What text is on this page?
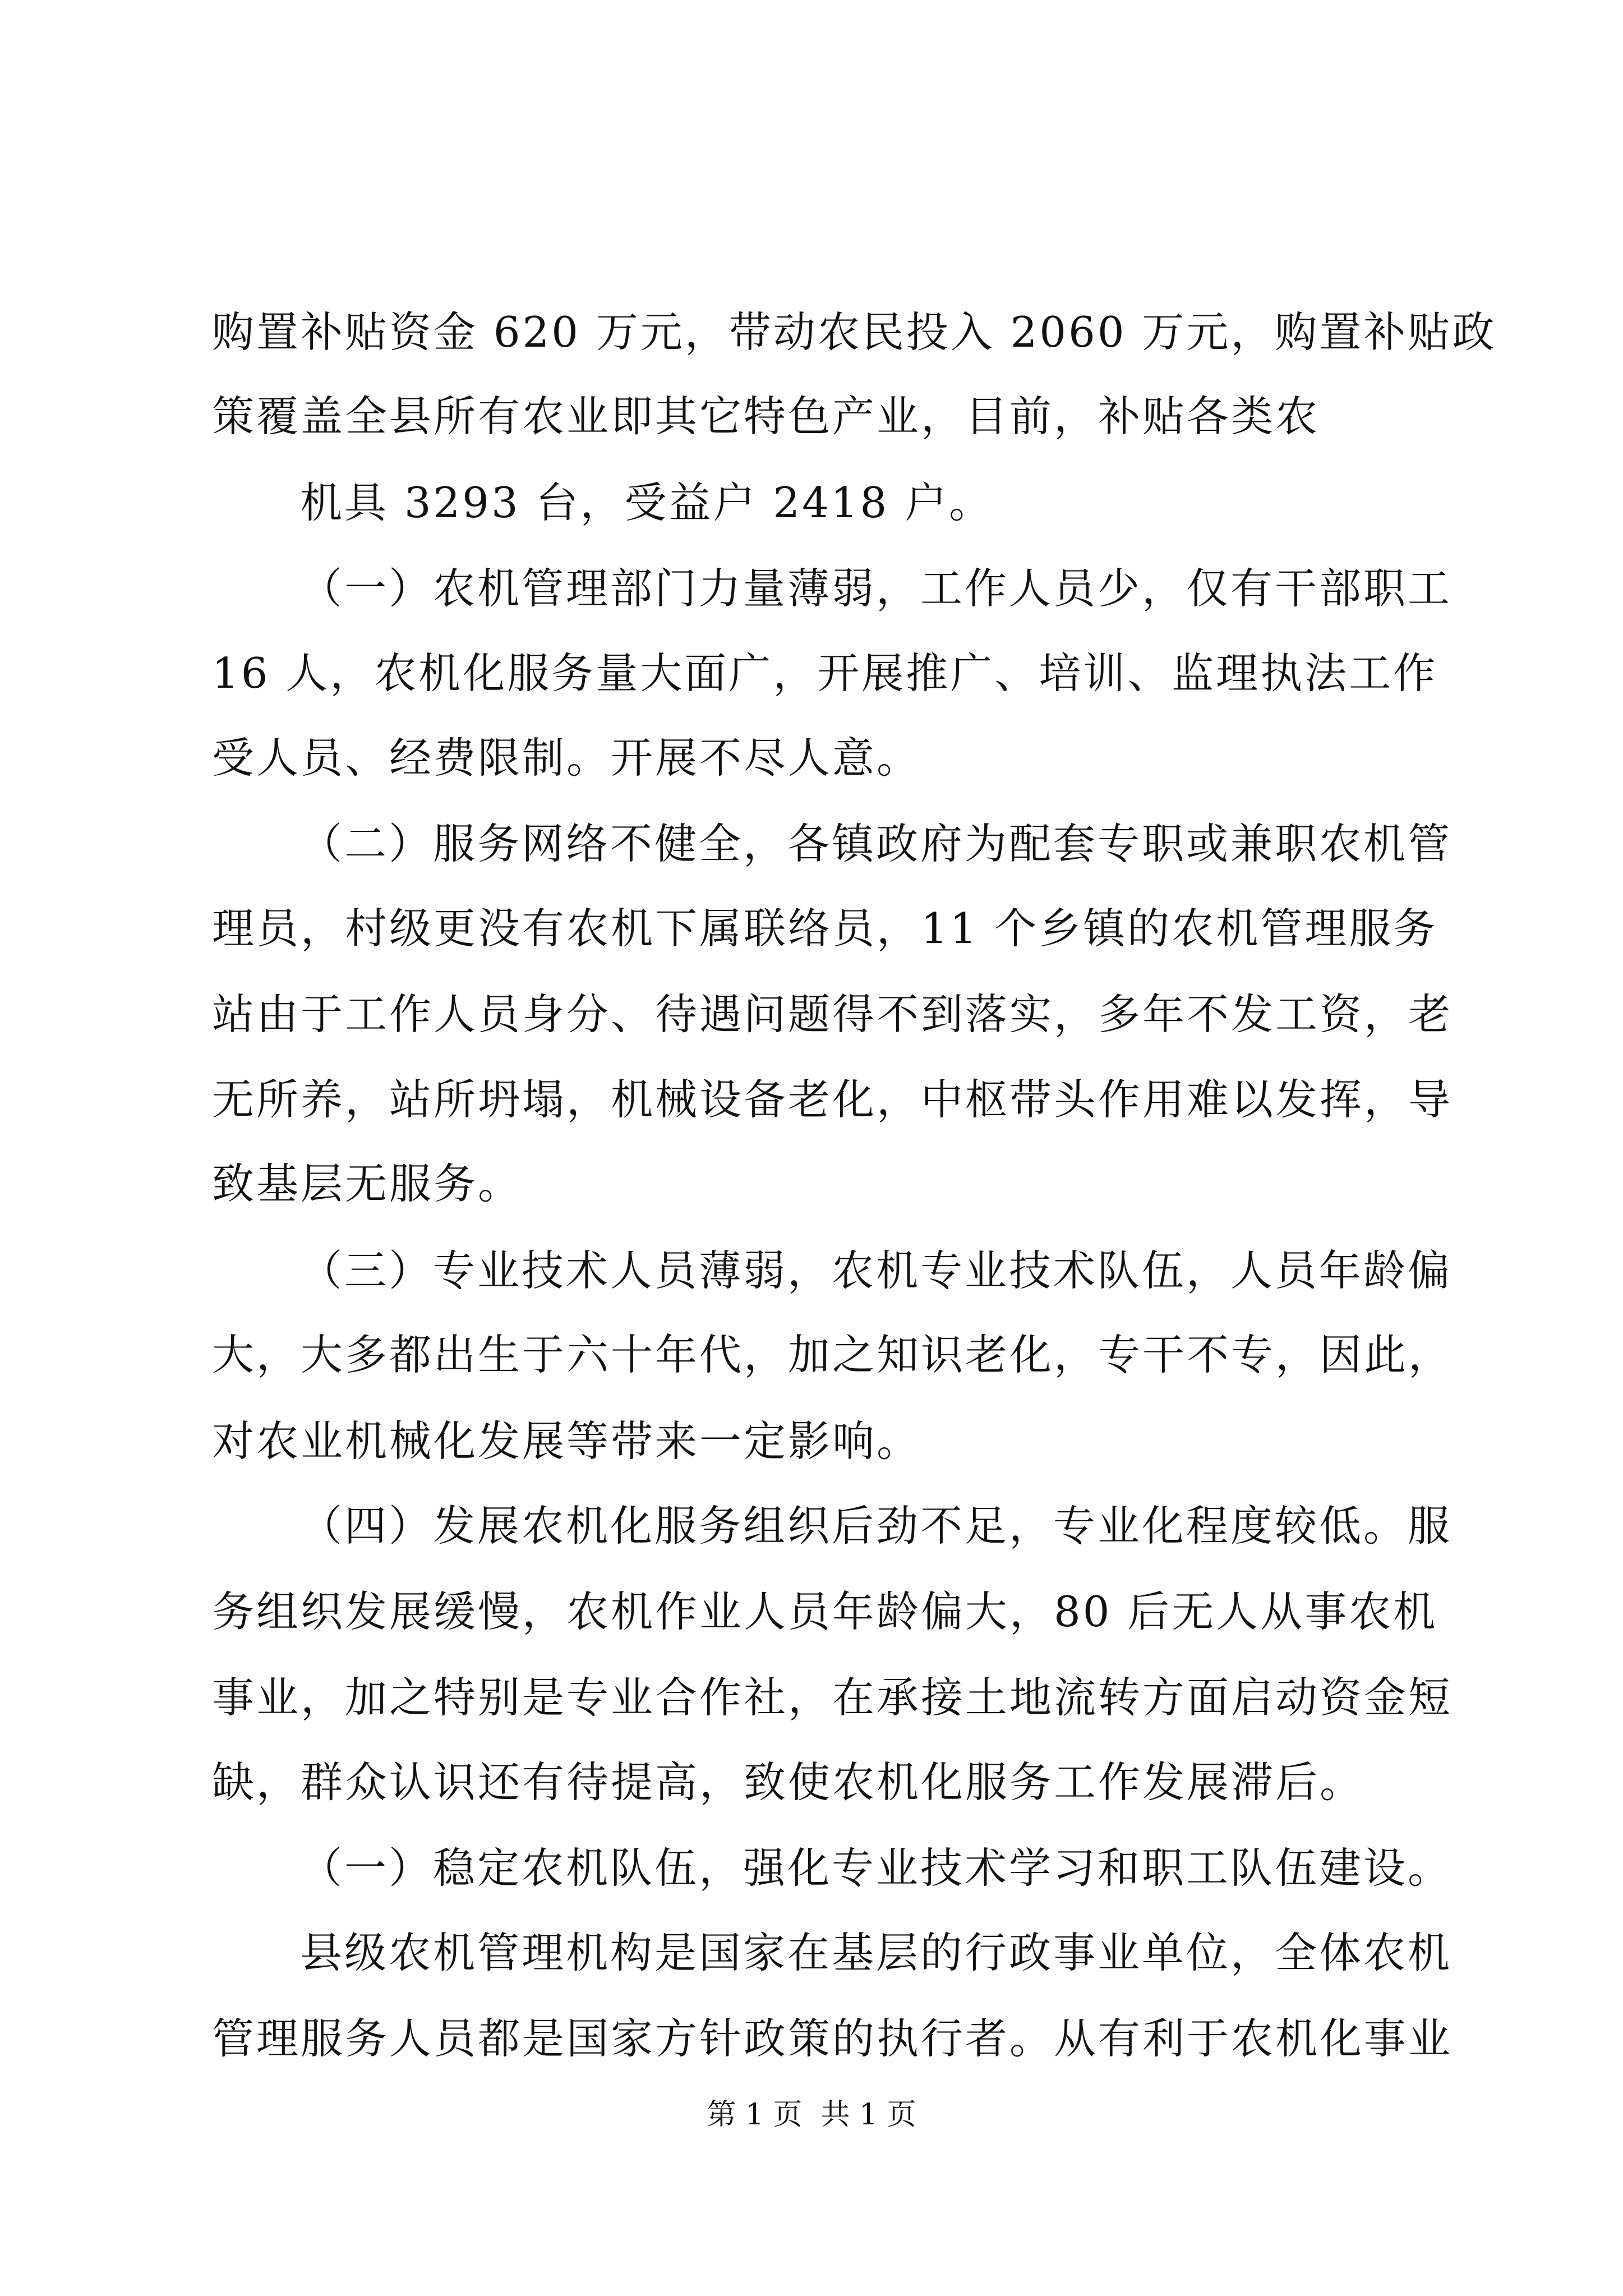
购置补贴资金 620 万元，带动农民投入 2060 万元，购置补贴政
策覆盖全县所有农业即其它特色产业，目前，补贴各类农
机具 3293 台，受益户 2418 户。
（一）农机管理部门力量薄弱，工作人员少，仅有干部职工
16 人，农机化服务量大面广，开展推广、培训、监理执法工作
受人员、经费限制。开展不尽人意。
（二）服务网络不健全，各镇政府为配套专职或兼职农机管
理员，村级更没有农机下属联络员，11 个乡镇的农机管理服务
站由于工作人员身分、待遇问题得不到落实，多年不发工资，老
无所养，站所坍塌，机械设备老化，中枢带头作用难以发挥，导
致基层无服务。
（三）专业技术人员薄弱，农机专业技术队伍，人员年龄偏
大，大多都出生于六十年代，加之知识老化，专干不专，因此，
对农业机械化发展等带来一定影响。
（四）发展农机化服务组织后劲不足，专业化程度较低。服
务组织发展缓慢，农机作业人员年龄偏大，80 后无人从事农机
事业，加之特别是专业合作社，在承接土地流转方面启动资金短
缺，群众认识还有待提高，致使农机化服务工作发展滞后。
（一）稳定农机队伍，强化专业技术学习和职工队伍建设。
县级农机管理机构是国家在基层的行政事业单位，全体农机
管理服务人员都是国家方针政策的执行者。从有利于农机化事业
第 1 页  共 1 页
